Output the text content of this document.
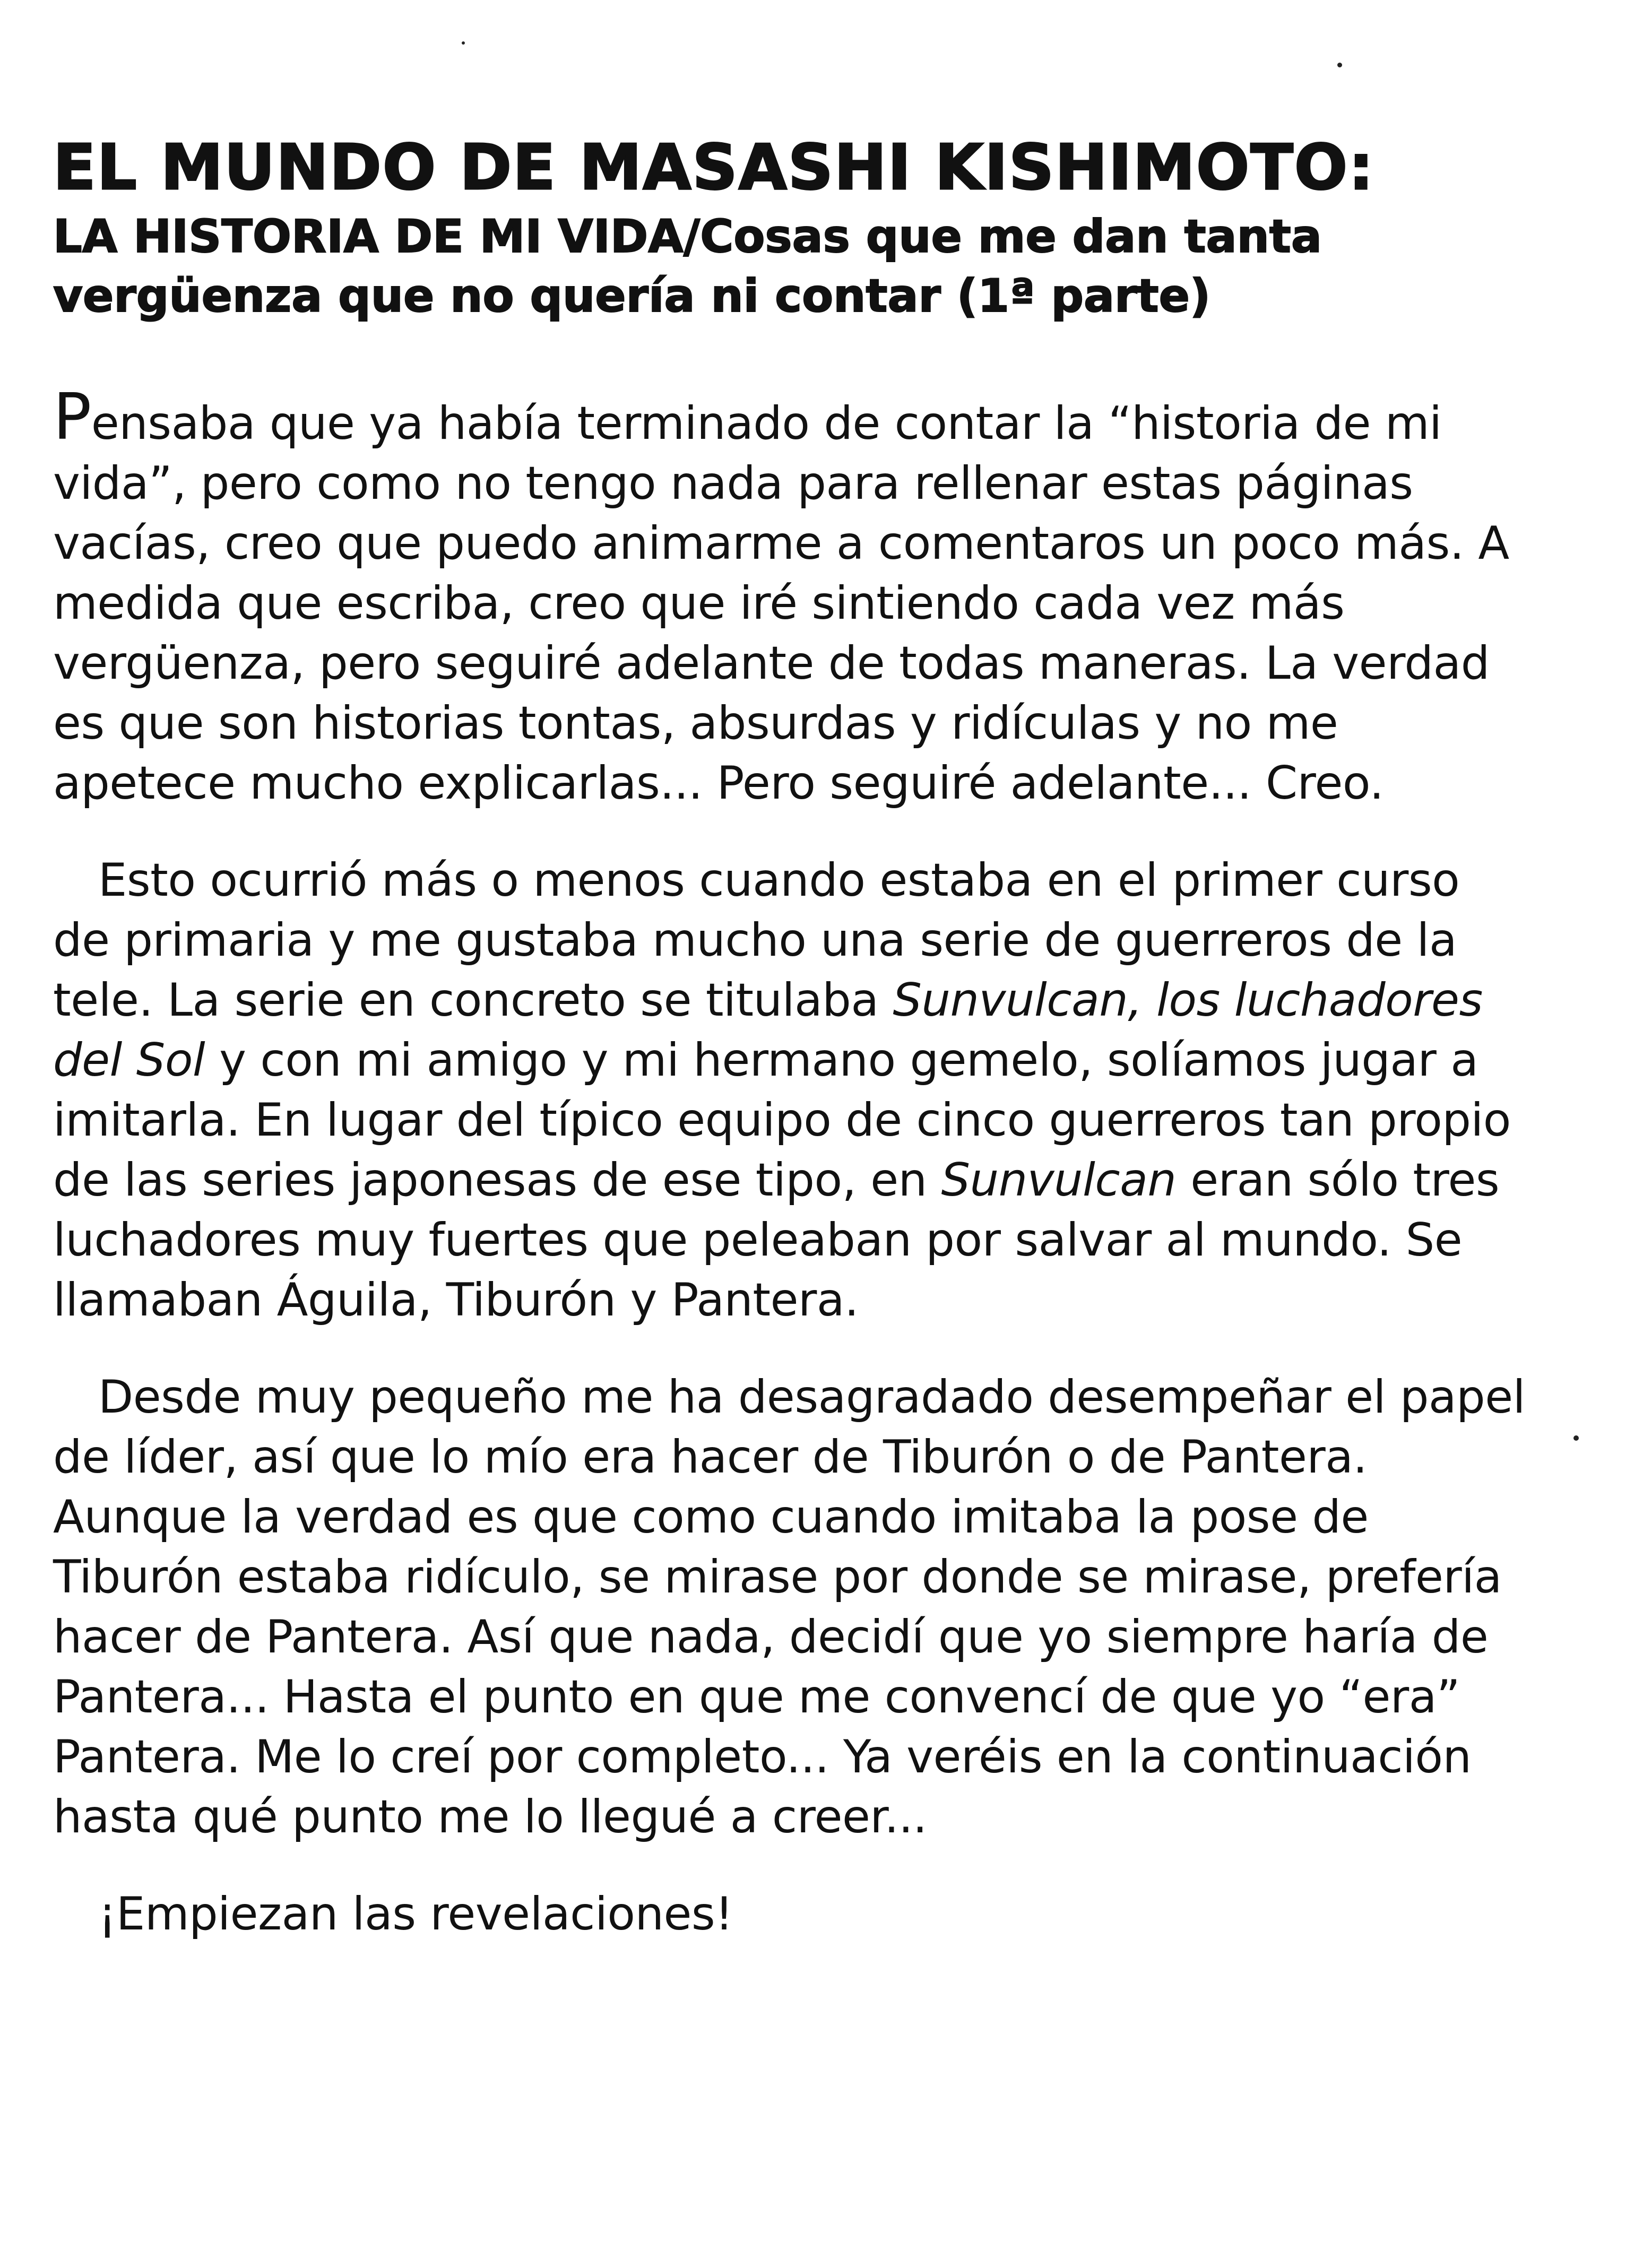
EL MUNDO DE MASASHI KISHIMOTO:
LA HISTORIA DE MI VIDA/Cosas que me dan tanta vergüenza que no quería ni contar (1ª parte)

Pensaba que ya había terminado de contar la “historia de mi vida”, pero como no tengo nada para rellenar estas páginas vacías, creo que puedo animarme a comentaros un poco más. A medida que escriba, creo que iré sintiendo cada vez más vergüenza, pero seguiré adelante de todas maneras. La verdad es que son historias tontas, absurdas y ridículas y no me apetece mucho explicarlas... Pero seguiré adelante... Creo.

Esto ocurrió más o menos cuando estaba en el primer curso de primaria y me gustaba mucho una serie de guerreros de la tele. La serie en concreto se titulaba Sunvulcan, los luchadores del Sol y con mi amigo y mi hermano gemelo, solíamos jugar a imitarla. En lugar del típico equipo de cinco guerreros tan propio de las series japonesas de ese tipo, en Sunvulcan eran sólo tres luchadores muy fuertes que peleaban por salvar al mundo. Se llamaban Águila, Tiburón y Pantera.

Desde muy pequeño me ha desagradado desempeñar el papel de líder, así que lo mío era hacer de Tiburón o de Pantera. Aunque la verdad es que como cuando imitaba la pose de Tiburón estaba ridículo, se mirase por donde se mirase, prefería hacer de Pantera. Así que nada, decidí que yo siempre haría de Pantera... Hasta el punto en que me convencí de que yo “era” Pantera. Me lo creí por completo... Ya veréis en la continuación hasta qué punto me lo llegué a creer...

¡Empiezan las revelaciones!
